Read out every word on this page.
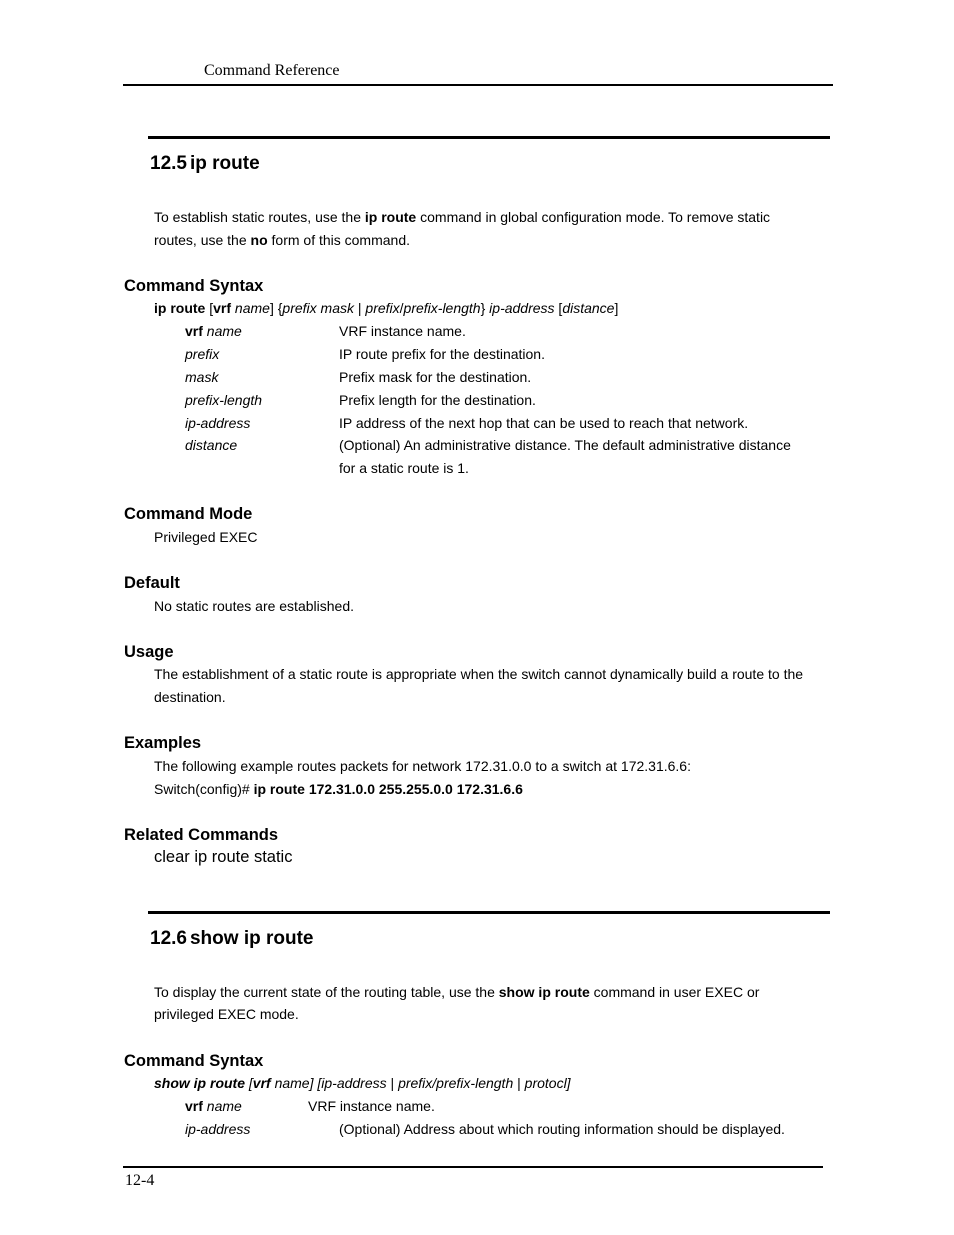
Command Reference
12.5 ip route
To establish static routes, use the ip route command in global configuration mode. To remove static
routes, use the no form of this command.
Command Syntax
ip route [vrf name] {prefix mask | prefix/prefix-length} ip-address [distance]
vrf name	VRF instance name.
prefix	IP route prefix for the destination.
mask	Prefix mask for the destination.
prefix-length	Prefix length for the destination.
ip-address	IP address of the next hop that can be used to reach that network.
distance	(Optional) An administrative distance. The default administrative distance
for a static route is 1.
Command Mode
Privileged EXEC
Default
No static routes are established.
Usage
The establishment of a static route is appropriate when the switch cannot dynamically build a route to the
destination.
Examples
The following example routes packets for network 172.31.0.0 to a switch at 172.31.6.6:
Switch(config)# ip route 172.31.0.0 255.255.0.0 172.31.6.6
Related Commands
clear ip route static
12.6 show ip route
To display the current state of the routing table, use the show ip route command in user EXEC or
privileged EXEC mode.
Command Syntax
show ip route [vrf name] [ip-address | prefix/prefix-length | protocl]
vrf name	VRF instance name.
ip-address	(Optional) Address about which routing information should be displayed.
12-4
